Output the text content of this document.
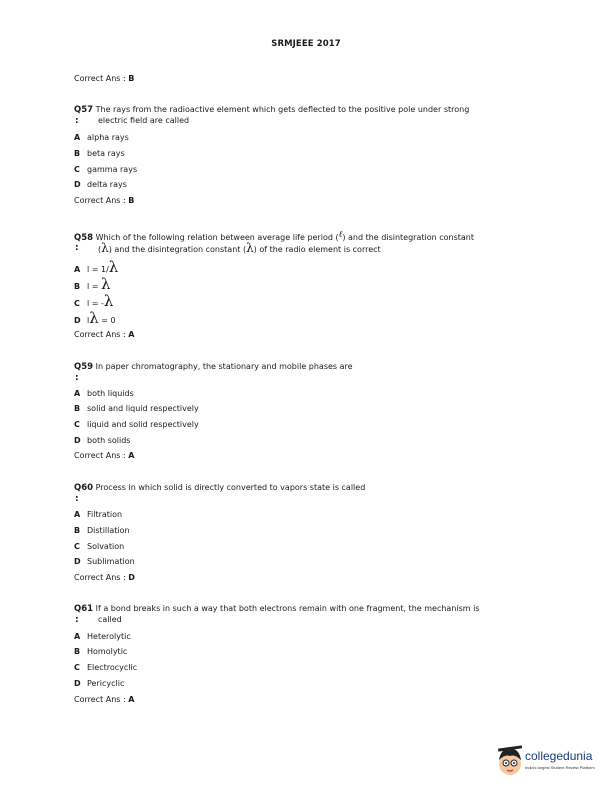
SRMJEEE 2017
Correct Ans : B
Q57 The rays from the radioactive element which gets deflected to the positive pole under strong
: electric field are called
A alpha rays
B beta rays
C gamma rays
D delta rays
Correct Ans : B
Q58 Which of the following relation between average life period (ℓ) and the disintegration constant
: (λ) and the disintegration constant (λ) of the radio element is correct
A l = 1/λ
B l = λ
C l = -λ
D lλ = 0
Correct Ans : A
Q59 In paper chromatography, the stationary and mobile phases are
:
A both liquids
B solid and liquid respectively
C liquid and solid respectively
D both solids
Correct Ans : A
Q60 Process in which solid is directly converted to vapors state is called
:
A Filtration
B Distillation
C Solvation
D Sublimation
Correct Ans : D
Q61 If a bond breaks in such a way that both electrons remain with one fragment, the mechanism is
: called
A Heterolytic
B Homolytic
C Electrocyclic
D Pericyclic
Correct Ans : A
collegedunia
India's largest Student Review Platform
